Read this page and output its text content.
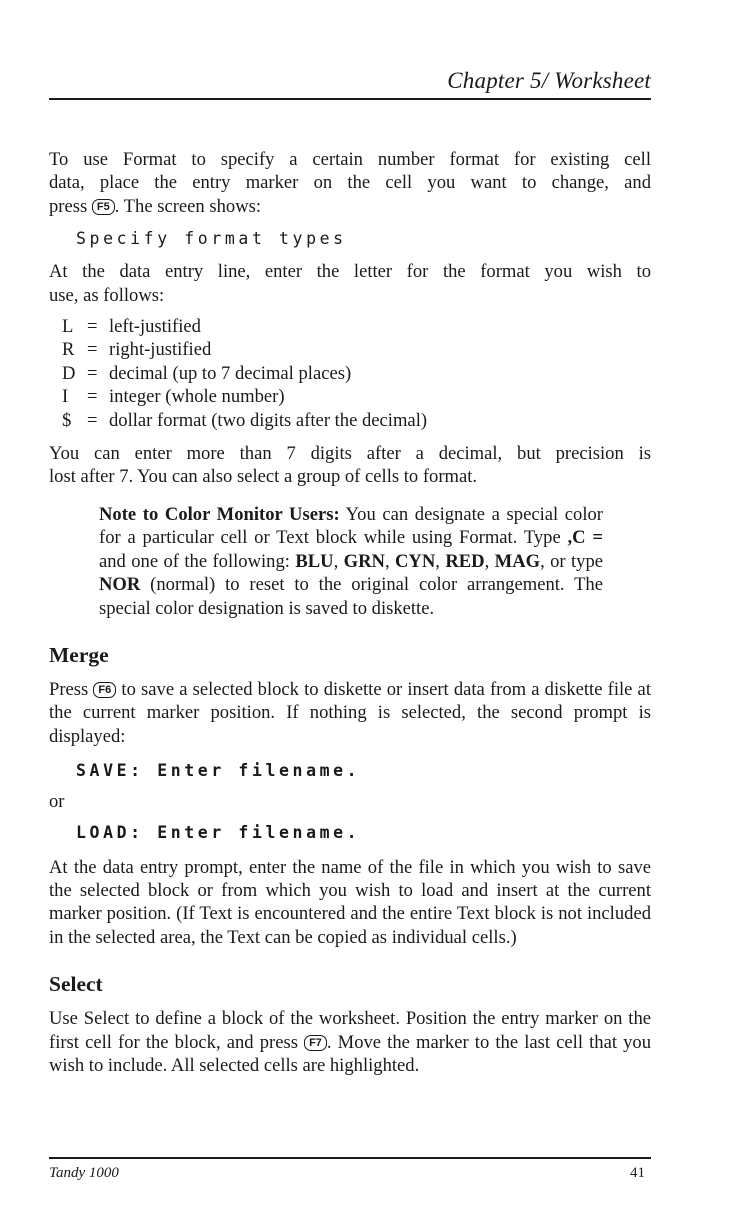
Chapter 5/ Worksheet

To use Format to specify a certain number format for existing cell

data, place the entry marker on the cell you want to change, and

press F5 . The screen shows:

Specify format types

At the data entry line, enter the letter for the format you wish to

use, as follows:

L = left-justified
R = right-justified
D = decimal (up to 7 decimal places)
I	= integer (whole number)
$ = dollar format (two digits after the decimal)

You can enter more than 7 digits after a decimal, but precision is

lost after 7. You can also select a group of cells to format.

Note to Color Monitor Users: You can designate a special color for a particular cell or Text block while using Format. Type ,C = and one of the following: BLU, GRN, CYN, RED, MAG, or type NOR (normal) to reset to the original color arrangement. The special color designation is saved to diskette.

Merge

Press F6 to save a selected block to diskette or insert data from a diskette file at the current marker position. If nothing is selected, the second prompt is displayed:

SAVE: Enter filename.
or
LOAD: Enter filename.

At the data entry prompt, enter the name of the file in which you wish to save the selected block or from which you wish to load and insert at the current marker position. (If Text is encountered and the entire Text block is not included in the selected area, the Text can be copied as individual cells.)

Select

Use Select to define a block of the worksheet. Position the entry marker on the first cell for the block, and press F7 . Move the marker to the last cell that you wish to include. All selected cells are highlighted.

Tandy 1000	41
